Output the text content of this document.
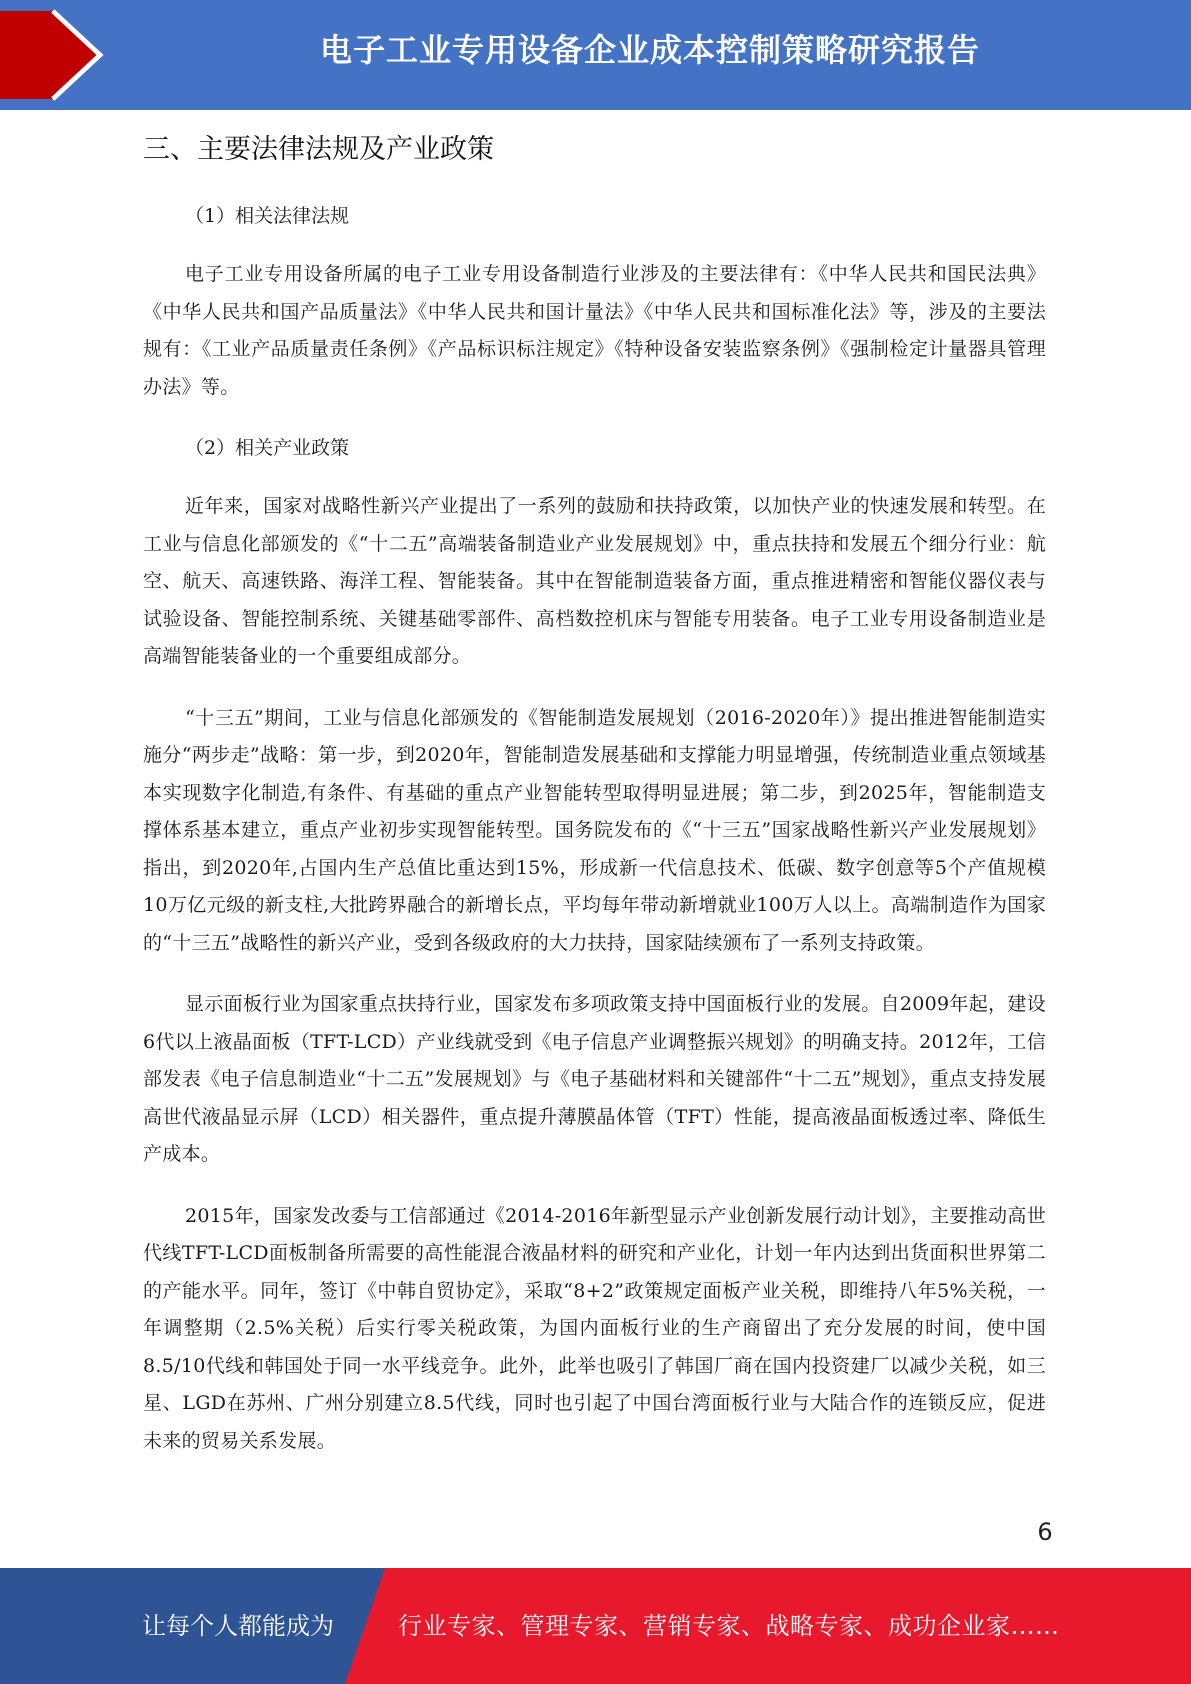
电子工业专用设备企业成本控制策略研究报告
三、主要法律法规及产业政策

（1）相关法律法规

电子工业专用设备所属的电子工业专用设备制造行业涉及的主要法律有：《中华人民共和国民法典》《中华人民共和国产品质量法》《中华人民共和国计量法》《中华人民共和国标准化法》等，涉及的主要法规有：《工业产品质量责任条例》《产品标识标注规定》《特种设备安装监察条例》《强制检定计量器具管理办法》等。

（2）相关产业政策

近年来，国家对战略性新兴产业提出了一系列的鼓励和扶持政策，以加快产业的快速发展和转型。在工业与信息化部颁发的《“十二五”高端装备制造业产业发展规划》中，重点扶持和发展五个细分行业：航空、航天、高速铁路、海洋工程、智能装备。其中在智能制造装备方面，重点推进精密和智能仪器仪表与试验设备、智能控制系统、关键基础零部件、高档数控机床与智能专用装备。电子工业专用设备制造业是高端智能装备业的一个重要组成部分。

“十三五”期间，工业与信息化部颁发的《智能制造发展规划（2016-2020年）》提出推进智能制造实施分“两步走”战略：第一步，到2020年，智能制造发展基础和支撑能力明显增强，传统制造业重点领域基本实现数字化制造,有条件、有基础的重点产业智能转型取得明显进展；第二步，到2025年，智能制造支撑体系基本建立，重点产业初步实现智能转型。国务院发布的《“十三五”国家战略性新兴产业发展规划》指出，到2020年,占国内生产总值比重达到15%，形成新一代信息技术、低碳、数字创意等5个产值规模10万亿元级的新支柱,大批跨界融合的新增长点，平均每年带动新增就业100万人以上。高端制造作为国家的“十三五”战略性的新兴产业，受到各级政府的大力扶持，国家陆续颁布了一系列支持政策。

显示面板行业为国家重点扶持行业，国家发布多项政策支持中国面板行业的发展。自2009年起，建设6代以上液晶面板（TFT-LCD）产业线就受到《电子信息产业调整振兴规划》的明确支持。2012年，工信部发表《电子信息制造业“十二五”发展规划》与《电子基础材料和关键部件“十二五”规划》，重点支持发展高世代液晶显示屏（LCD）相关器件，重点提升薄膜晶体管（TFT）性能，提高液晶面板透过率、降低生产成本。

2015年，国家发改委与工信部通过《2014-2016年新型显示产业创新发展行动计划》，主要推动高世代线TFT-LCD面板制备所需要的高性能混合液晶材料的研究和产业化，计划一年内达到出货面积世界第二的产能水平。同年，签订《中韩自贸协定》，采取“8+2”政策规定面板产业关税，即维持八年5%关税，一年调整期（2.5%关税）后实行零关税政策，为国内面板行业的生产商留出了充分发展的时间，使中国8.5/10代线和韩国处于同一水平线竞争。此外，此举也吸引了韩国厂商在国内投资建厂以减少关税，如三星、LGD在苏州、广州分别建立8.5代线，同时也引起了中国台湾面板行业与大陆合作的连锁反应，促进未来的贸易关系发展。

6
让每个人都能成为	行业专家、管理专家、营销专家、战略专家、成功企业家……
